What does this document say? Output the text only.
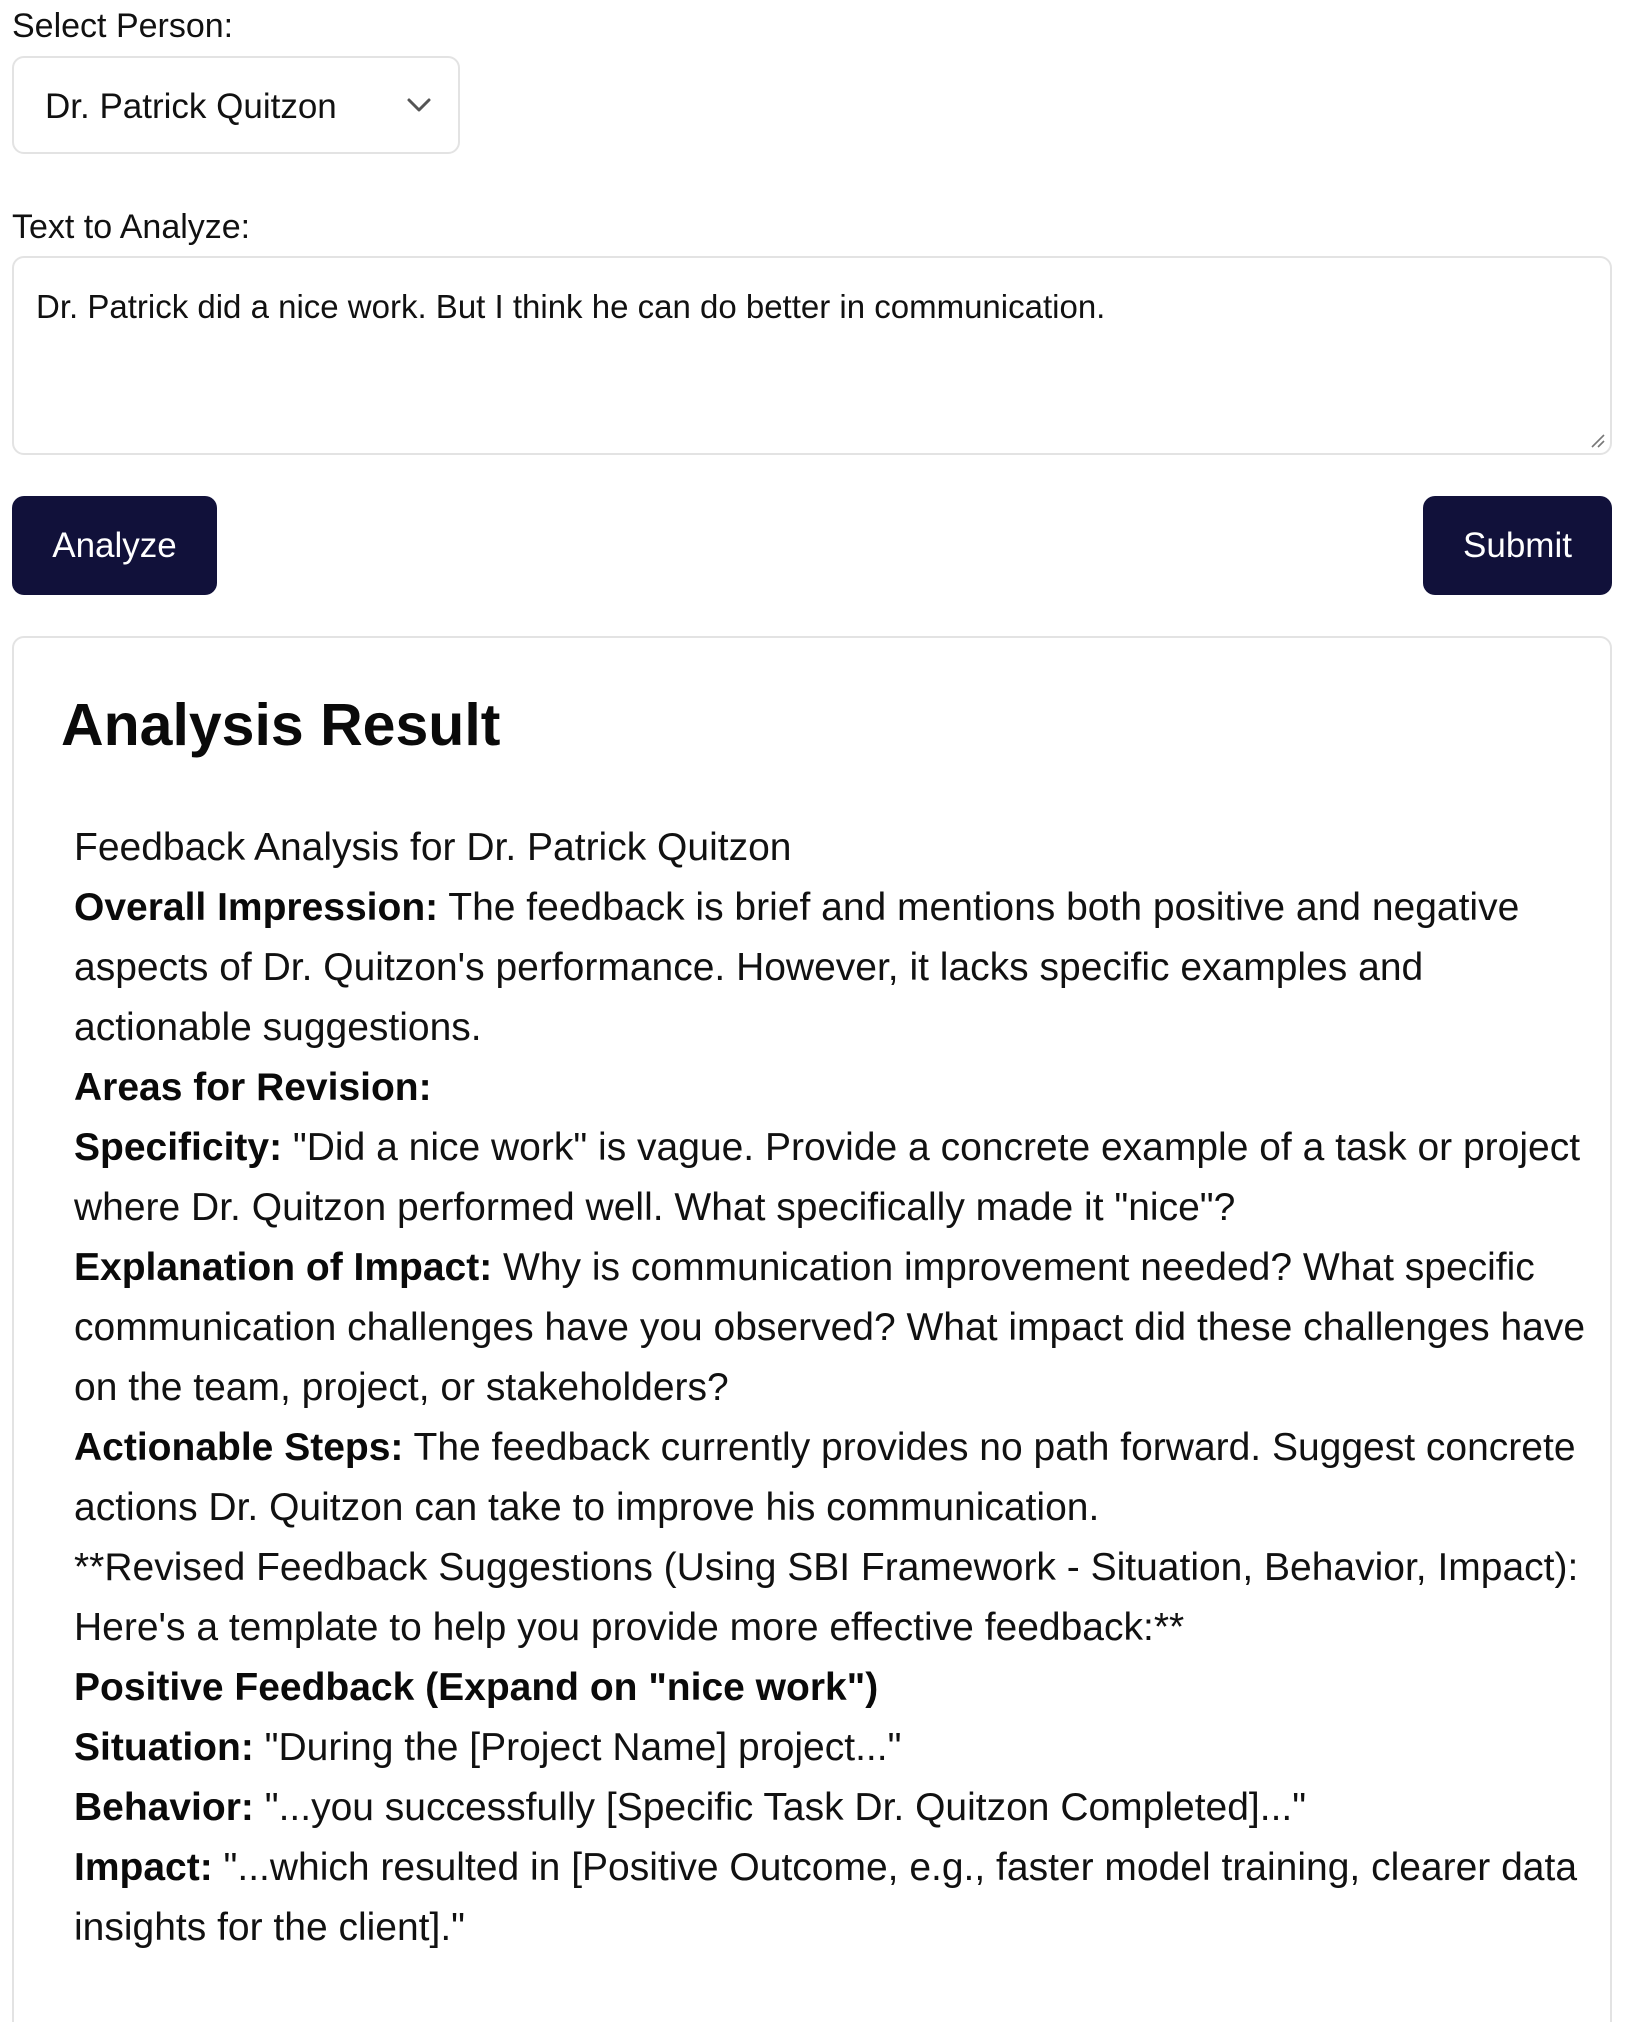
Select Person:
Dr. Patrick Quitzon
Text to Analyze:
Dr. Patrick did a nice work. But I think he can do better in communication.
Analyze	Submit
Analysis Result

Feedback Analysis for Dr. Patrick Quitzon

Overall Impression: The feedback is brief and mentions both positive and negative aspects of Dr. Quitzon's performance. However, it lacks specific examples and actionable suggestions.

Areas for Revision:

Specificity: "Did a nice work" is vague. Provide a concrete example of a task or project where Dr. Quitzon performed well. What specifically made it "nice"?

Explanation of Impact: Why is communication improvement needed? What specific communication challenges have you observed? What impact did these challenges have on the team, project, or stakeholders?

Actionable Steps: The feedback currently provides no path forward. Suggest concrete actions Dr. Quitzon can take to improve his communication.

**Revised Feedback Suggestions (Using SBI Framework - Situation, Behavior, Impact):

Here's a template to help you provide more effective feedback:**

Positive Feedback (Expand on "nice work")

Situation: "During the [Project Name] project..."

Behavior: "...you successfully [Specific Task Dr. Quitzon Completed]..."

Impact: "...which resulted in [Positive Outcome, e.g., faster model training, clearer data insights for the client]."
